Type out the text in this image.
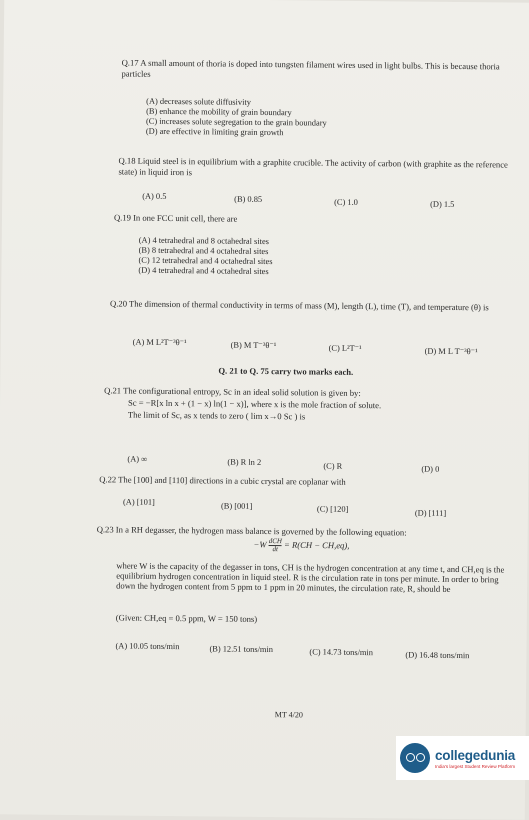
Q.17 A small amount of thoria is doped into tungsten filament wires used in light bulbs. This is because thoria particles
(A) decreases solute diffusivity
(B) enhance the mobility of grain boundary
(C) increases solute segregation to the grain boundary
(D) are effective in limiting grain growth
Q.18 Liquid steel is in equilibrium with a graphite crucible. The activity of carbon (with graphite as the reference state) in liquid iron is
(A) 0.5	(B) 0.85	(C) 1.0	(D) 1.5
Q.19 In one FCC unit cell, there are
(A) 4 tetrahedral and 8 octahedral sites
(B) 8 tetrahedral and 4 octahedral sites
(C) 12 tetrahedral and 4 octahedral sites
(D) 4 tetrahedral and 4 octahedral sites
Q.20 The dimension of thermal conductivity in terms of mass (M), length (L), time (T), and temperature (θ) is
(A) M L²T⁻³θ⁻¹	(B) M T⁻³θ⁻¹	(C) L²T⁻¹	(D) M L T⁻³θ⁻¹
Q. 21 to Q. 75 carry two marks each.
Q.21 The configurational entropy, Sc in an ideal solid solution is given by:
Sc = −R[x ln x + (1 − x) ln(1 − x)], where x is the mole fraction of solute.
The limit of Sc, as x tends to zero ( lim x→0 Sc ) is
(A) ∞	(B) R ln 2	(C) R	(D) 0
Q.22 The [100] and [110] directions in a cubic crystal are coplanar with
(A) [101]	(B) [001]	(C) [120]	(D) [111]
Q.23 In a RH degasser, the hydrogen mass balance is governed by the following equation:
$-W \frac{\text{dCH}}{dt} = R(CH - CH,eq)$,
where W is the capacity of the degasser in tons, CH is the hydrogen concentration at any time t, and CH,eq is the equilibrium hydrogen concentration in liquid steel. R is the circulation rate in tons per minute. In order to bring down the hydrogen content from 5 ppm to 1 ppm in 20 minutes, the circulation rate, R, should be
(Given: CH,eq = 0.5 ppm, W = 150 tons)
(A) 10.05 tons/min	(B) 12.51 tons/min	(C) 14.73 tons/min	(D) 16.48 tons/min
MT 4/20
collegedunia
India's largest Student Review Platform
